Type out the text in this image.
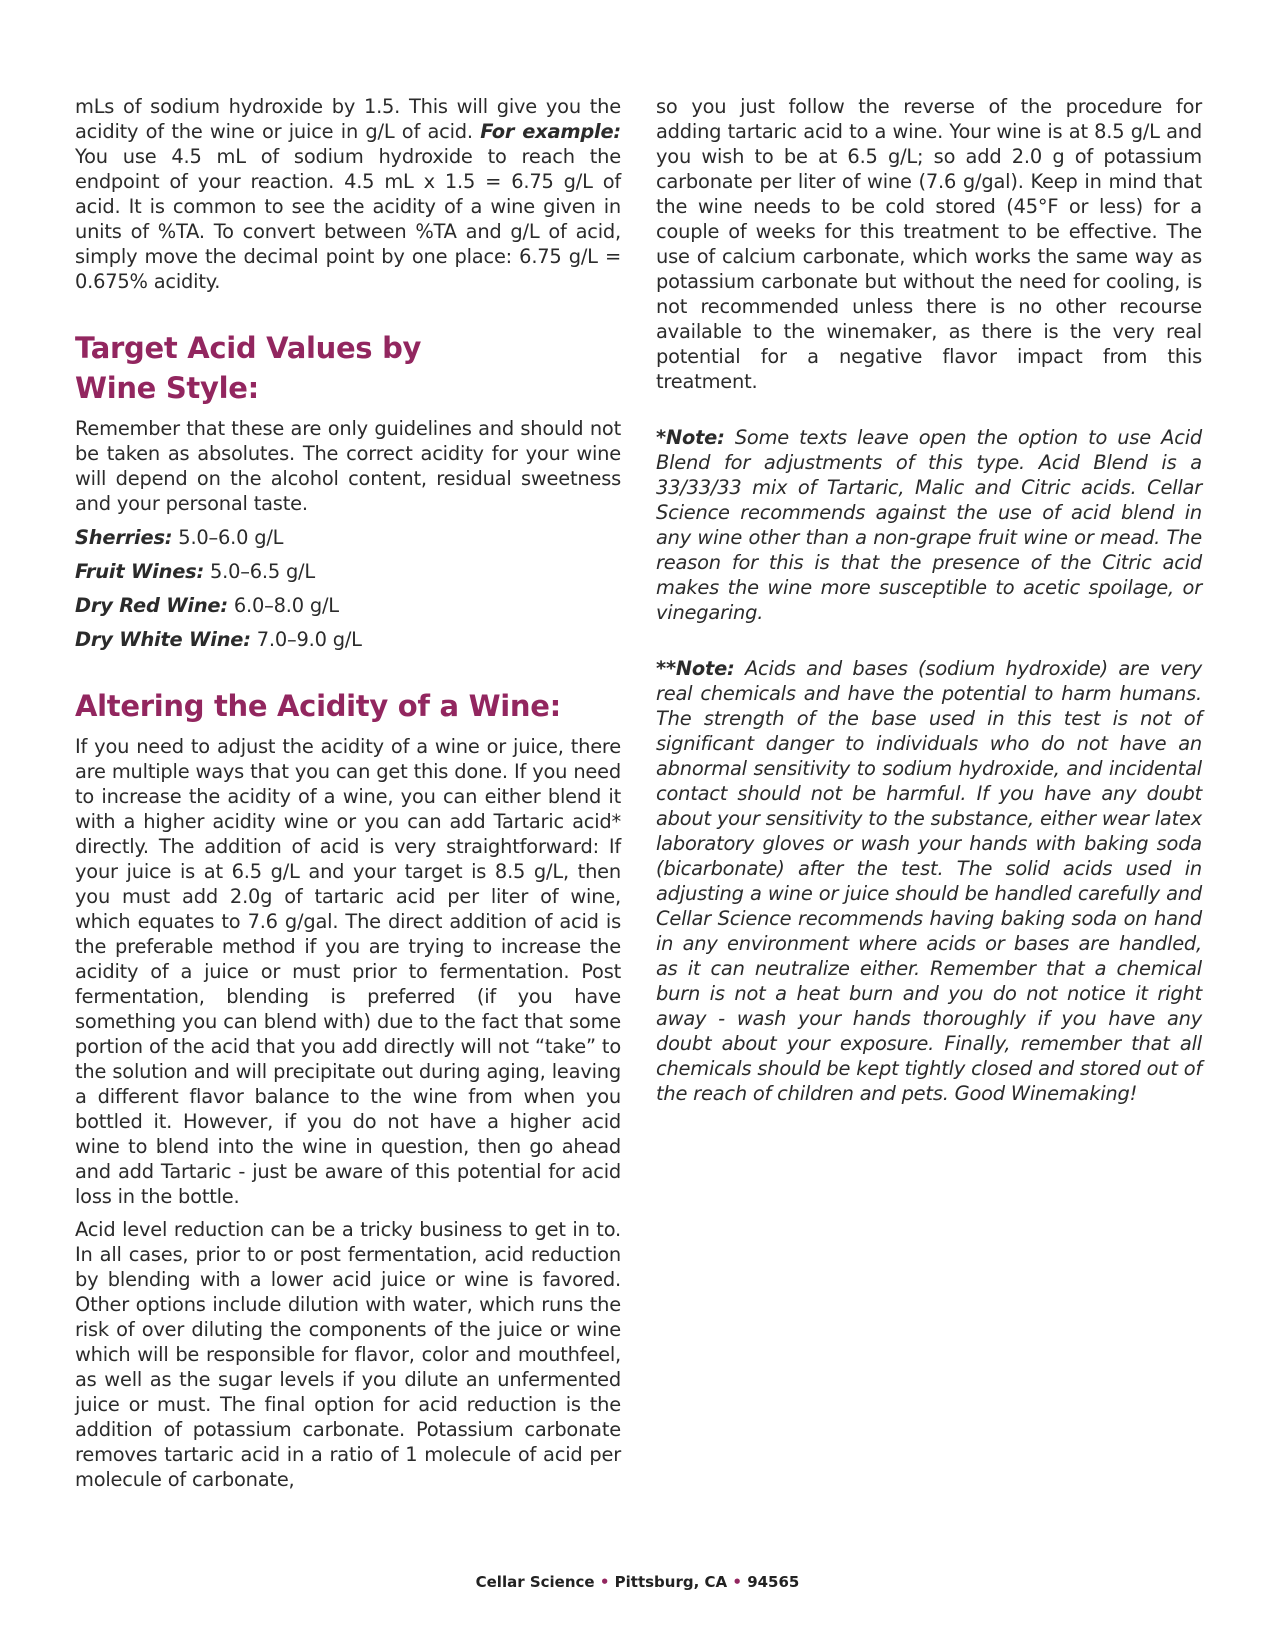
mLs of sodium hydroxide by 1.5. This will give you the acidity of the wine or juice in g/L of acid. For example: You use 4.5 mL of sodium hydroxide to reach the endpoint of your reaction. 4.5 mL x 1.5 = 6.75 g/L of acid. It is common to see the acidity of a wine given in units of %TA. To convert between %TA and g/L of acid, simply move the decimal point by one place: 6.75 g/L = 0.675% acidity.

Target Acid Values by
Wine Style:

Remember that these are only guidelines and should not be taken as absolutes. The correct acidity for your wine will depend on the alcohol content, residual sweetness and your personal taste.

Sherries: 5.0–6.0 g/L

Fruit Wines: 5.0–6.5 g/L

Dry Red Wine: 6.0–8.0 g/L

Dry White Wine: 7.0–9.0 g/L

Altering the Acidity of a Wine:

If you need to adjust the acidity of a wine or juice, there are multiple ways that you can get this done. If you need to increase the acidity of a wine, you can either blend it with a higher acidity wine or you can add Tartaric acid* directly. The addition of acid is very straightforward: If your juice is at 6.5 g/L and your target is 8.5 g/L, then you must add 2.0g of tartaric acid per liter of wine, which equates to 7.6 g/gal. The direct addition of acid is the preferable method if you are trying to increase the acidity of a juice or must prior to fermentation. Post fermentation, blending is preferred (if you have something you can blend with) due to the fact that some portion of the acid that you add directly will not “take” to the solution and will precipitate out during aging, leaving a different flavor balance to the wine from when you bottled it. However, if you do not have a higher acid wine to blend into the wine in question, then go ahead and add Tartaric - just be aware of this potential for acid loss in the bottle.

Acid level reduction can be a tricky business to get in to. In all cases, prior to or post fermentation, acid reduction by blending with a lower acid juice or wine is favored. Other options include dilution with water, which runs the risk of over diluting the components of the juice or wine which will be responsible for flavor, color and mouthfeel, as well as the sugar levels if you dilute an unfermented juice or must. The final option for acid reduction is the addition of potassium carbonate. Potassium carbonate removes tartaric acid in a ratio of 1 molecule of acid per molecule of carbonate,

so you just follow the reverse of the procedure for adding tartaric acid to a wine. Your wine is at 8.5 g/L and you wish to be at 6.5 g/L; so add 2.0 g of potassium carbonate per liter of wine (7.6 g/gal). Keep in mind that the wine needs to be cold stored (45°F or less) for a couple of weeks for this treatment to be effective. The use of calcium carbonate, which works the same way as potassium carbonate but without the need for cooling, is not recommended unless there is no other recourse available to the winemaker, as there is the very real potential for a negative flavor impact from this treatment.

*Note: Some texts leave open the option to use Acid Blend for adjustments of this type. Acid Blend is a 33/33/33 mix of Tartaric, Malic and Citric acids. Cellar Science recommends against the use of acid blend in any wine other than a non-grape fruit wine or mead. The reason for this is that the presence of the Citric acid makes the wine more susceptible to acetic spoilage, or vinegaring.

**Note: Acids and bases (sodium hydroxide) are very real chemicals and have the potential to harm humans. The strength of the base used in this test is not of significant danger to individuals who do not have an abnormal sensitivity to sodium hydroxide, and incidental contact should not be harmful. If you have any doubt about your sensitivity to the substance, either wear latex laboratory gloves or wash your hands with baking soda (bicarbonate) after the test. The solid acids used in adjusting a wine or juice should be handled carefully and Cellar Science recommends having baking soda on hand in any environment where acids or bases are handled, as it can neutralize either. Remember that a chemical burn is not a heat burn and you do not notice it right away - wash your hands thoroughly if you have any doubt about your exposure. Finally, remember that all chemicals should be kept tightly closed and stored out of the reach of children and pets. Good Winemaking!

Cellar Science • Pittsburg, CA • 94565
